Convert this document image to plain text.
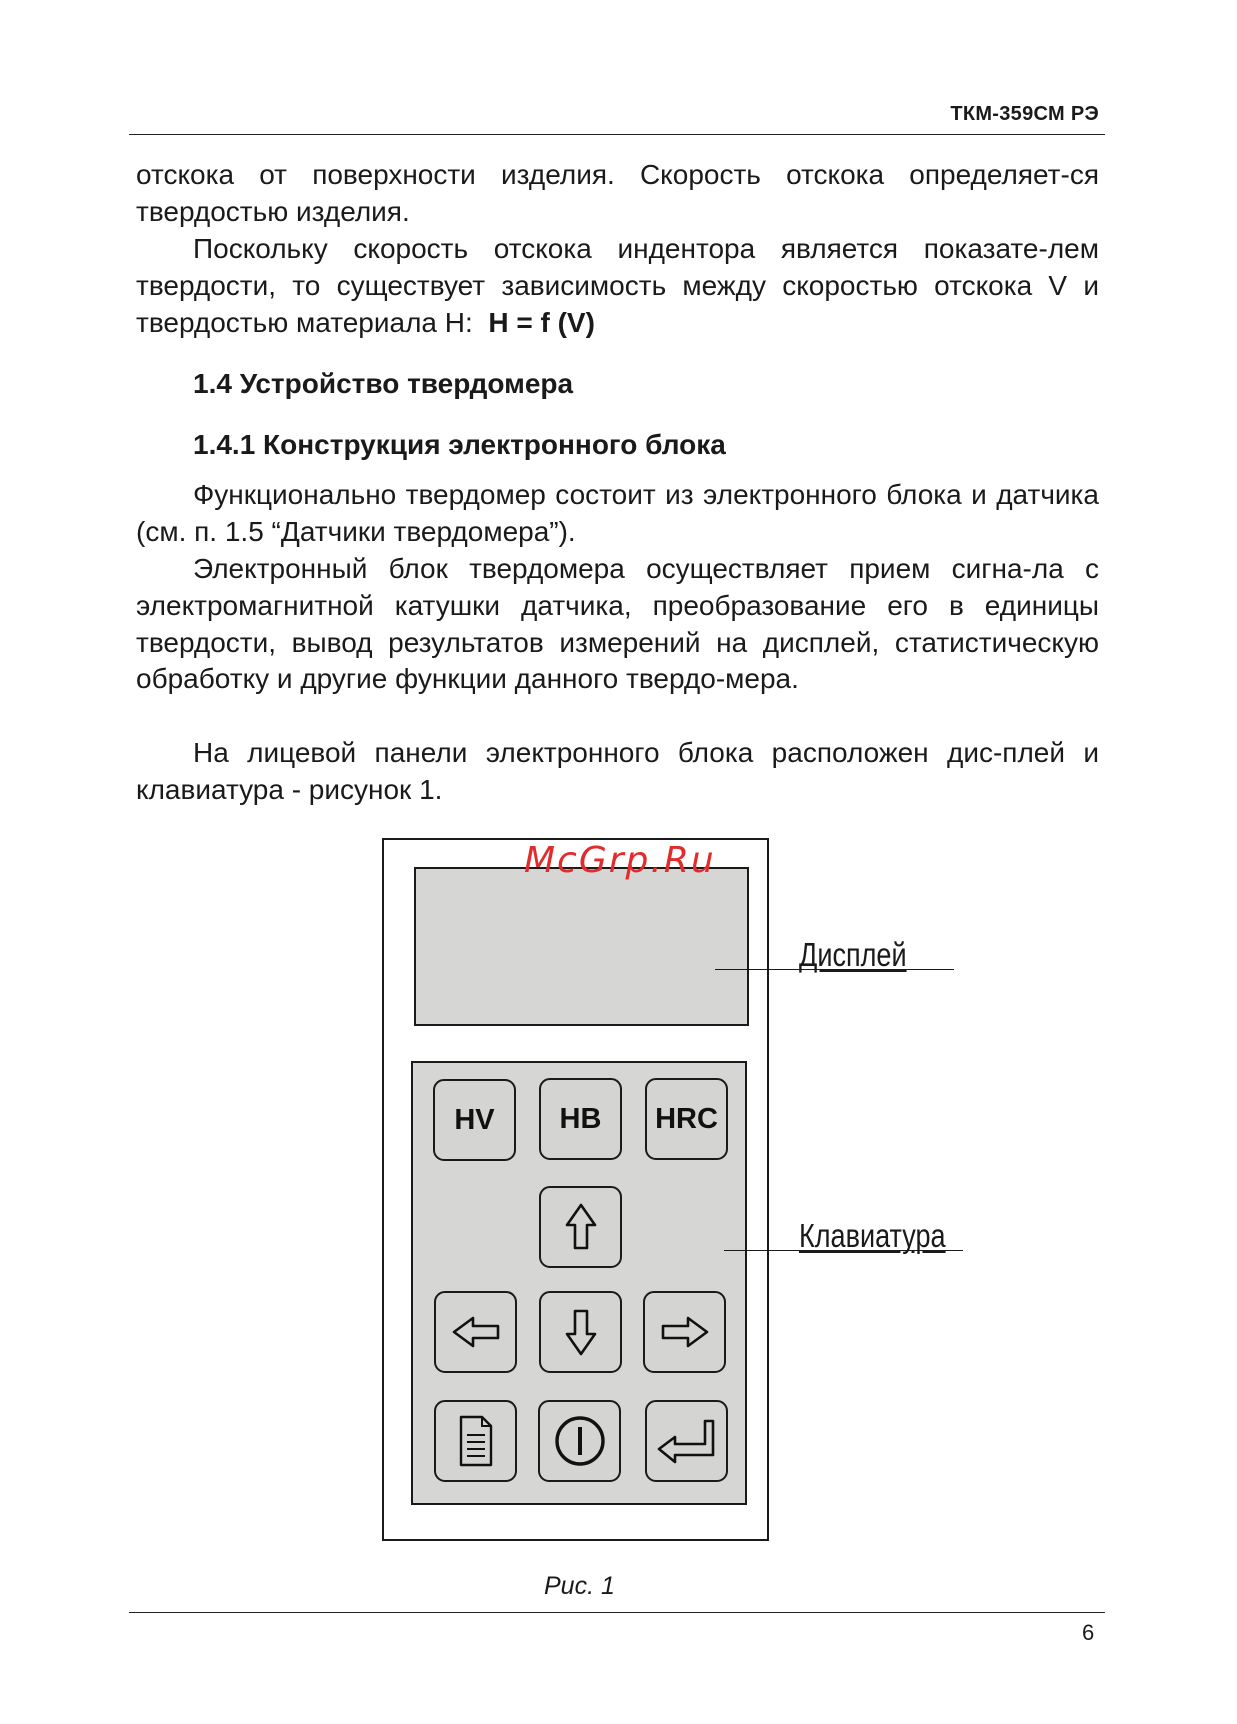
ТКМ-359СМ РЭ

отскока от поверхности изделия. Скорость отскока определяет-ся твердостью изделия.

Поскольку скорость отскока индентора является показате-лем твердости, то существует зависимость между скоростью отскока V и твердостью материала H: H = f (V)

1.4 Устройство твердомера
1.4.1 Конструкция электронного блока

Функционально твердомер состоит из электронного блока и датчика (см. п. 1.5 “Датчики твердомера”).

Электронный блок твердомера осуществляет прием сигна-ла с электромагнитной катушки датчика, преобразование его в единицы твердости, вывод результатов измерений на дисплей, статистическую обработку и другие функции данного твердо-мера.

На лицевой панели электронного блока расположен дис-плей и клавиатура - рисунок 1.

McGrp.Ru
HV	HB	HRC
Дисплей
Клавиатура
Рис. 1
6
